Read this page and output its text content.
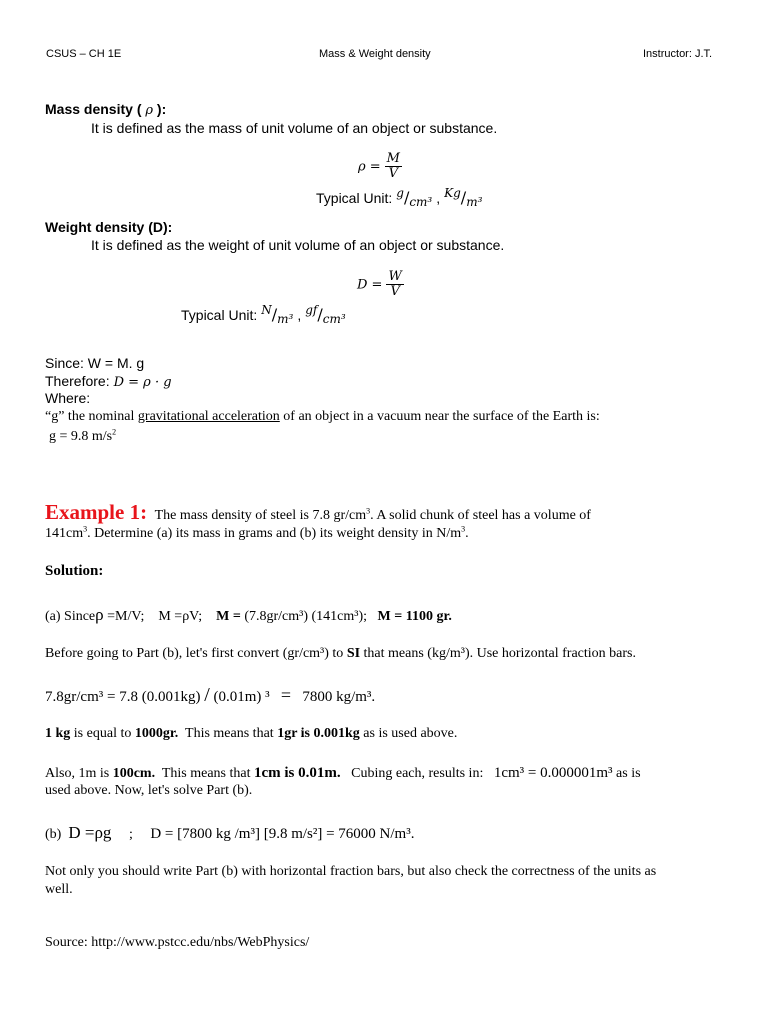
CSUS – CH 1E	Mass & Weight density	Instructor: J.T.
Mass density ( ρ ):
It is defined as the mass of unit volume of an object or substance.
$\rho = \frac{M}{V}$
Typical Unit: g/cm³ , Kg/m³
Weight density (D):
It is defined as the weight of unit volume of an object or substance.
$D = \frac{W}{V}$
Typical Unit: N/m³ , gf/cm³
Since: W = M. g
Therefore: D = ρ · g
Where:
“g” the nominal gravitational acceleration of an object in a vacuum near the surface of the Earth is:
g = 9.8 $m/s^2$
Example 1: The mass density of steel is 7.8 $gr/cm^3$. A solid chunk of steel has a volume of
$141cm^3$. Determine (a) its mass in grams and (b) its weight density in $N/m^3$.
Solution:
(a) Sinceρ =M/V; M =ρV; M = (7.8gr/cm³) (141cm³); M = 1100 gr.
Before going to Part (b), let's first convert (gr/cm³) to SI that means (kg/m³). Use horizontal fraction bars.
7.8gr/cm³ = 7.8 (0.001kg) / (0.01m) ³ = 7800 kg/m³.
1 kg is equal to 1000gr. This means that 1gr is 0.001kg as is used above.
Also, 1m is 100cm. This means that 1cm is 0.01m. Cubing each, results in: 1cm³ = 0.000001m³ as is
used above. Now, let's solve Part (b).
(b) D =ρg ; D = [7800 kg /m³] [9.8 m/s²] = 76000 N/m³.
Not only you should write Part (b) with horizontal fraction bars, but also check the correctness of the units as
well.
Source: http://www.pstcc.edu/nbs/WebPhysics/
